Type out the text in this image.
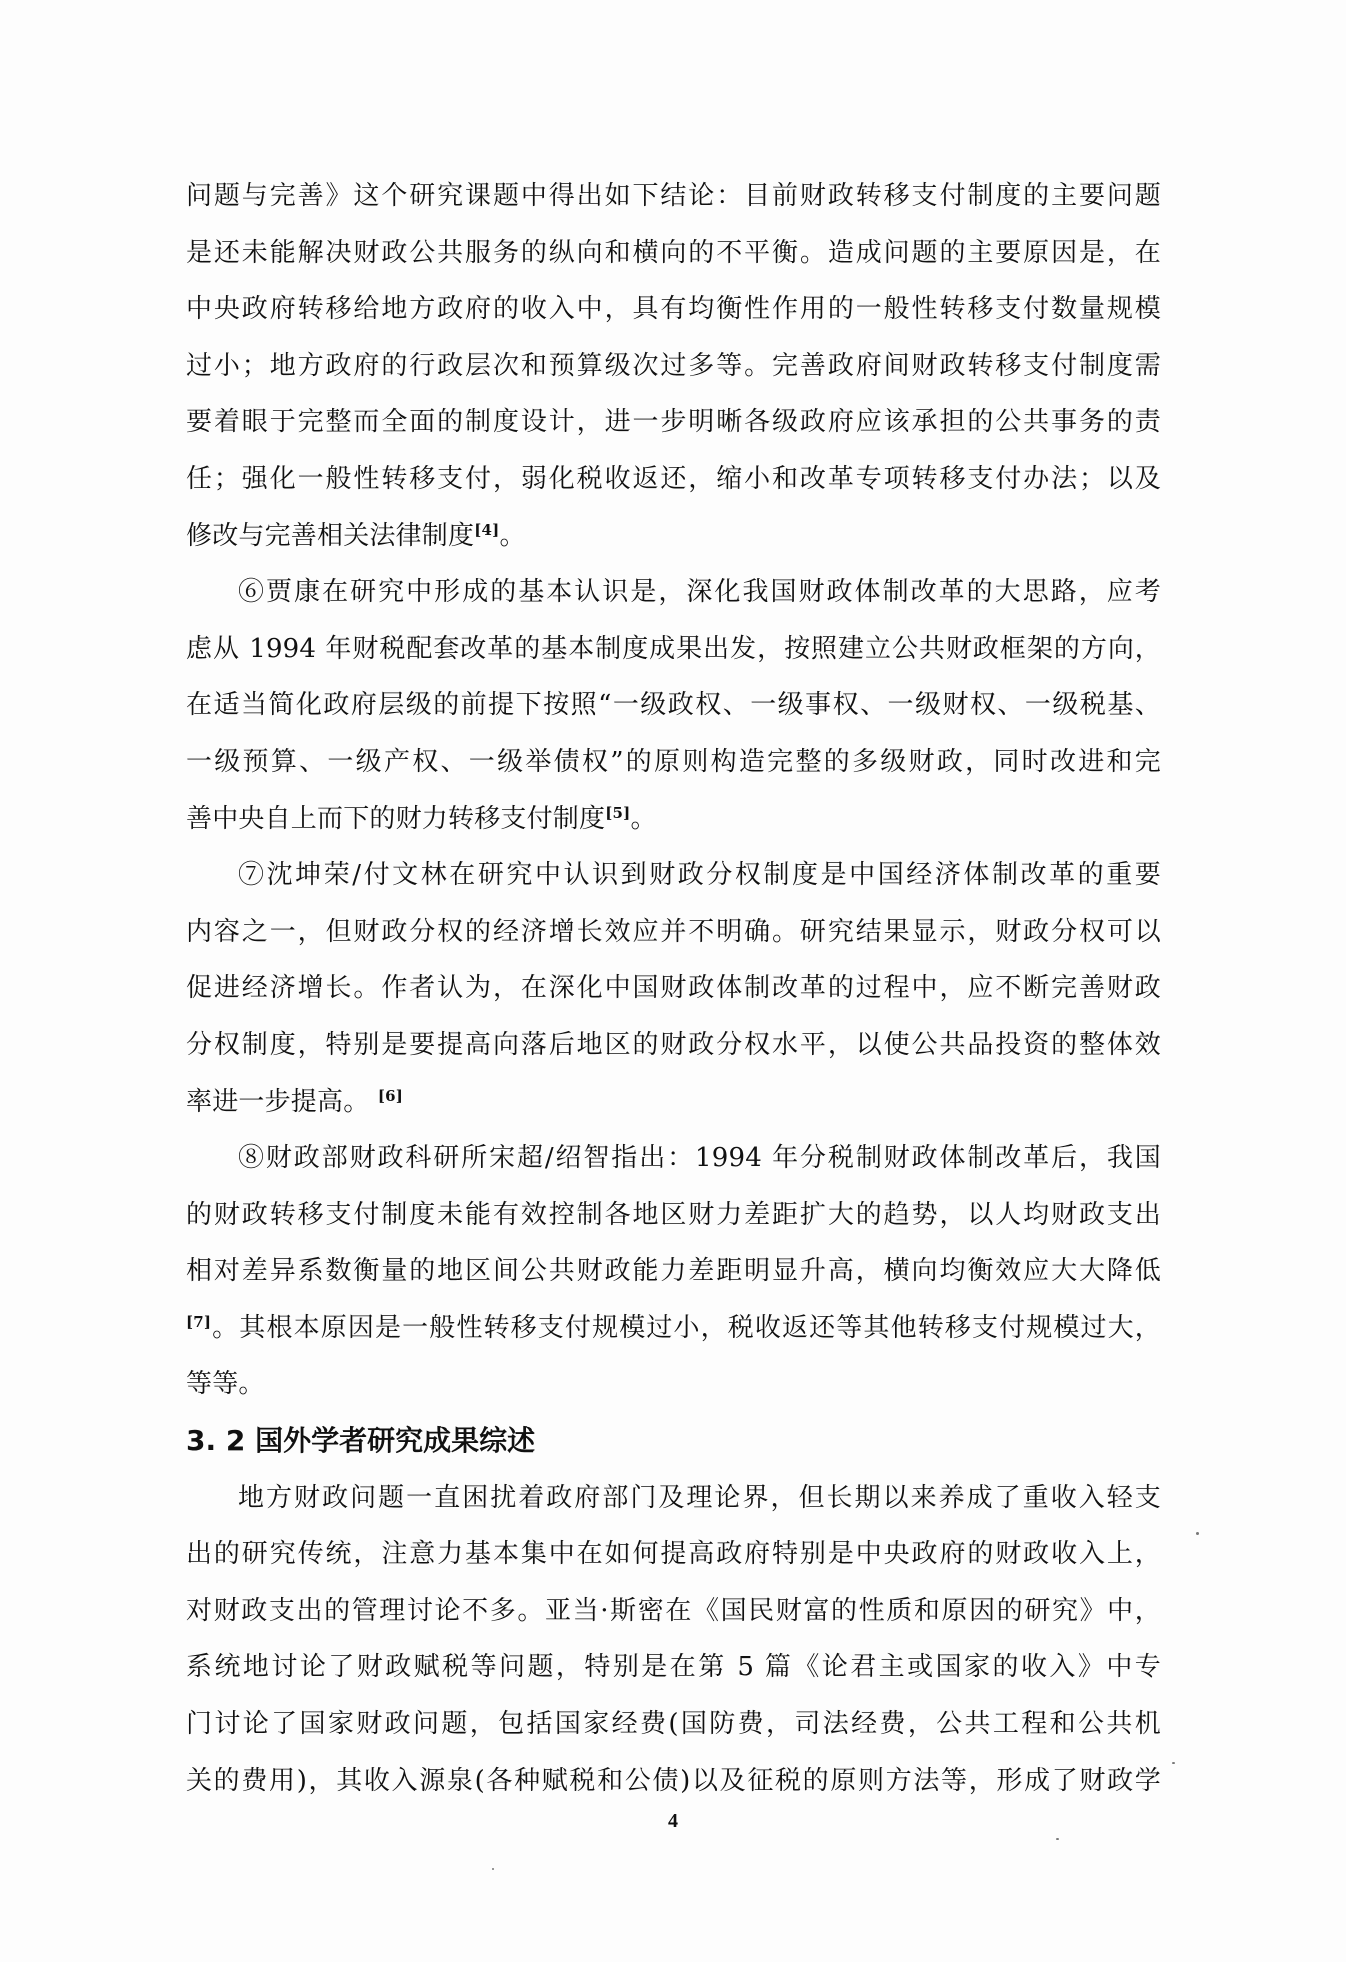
问题与完善》这个研究课题中得出如下结论：目前财政转移支付制度的主要问题
是还未能解决财政公共服务的纵向和横向的不平衡。造成问题的主要原因是，在
中央政府转移给地方政府的收入中，具有均衡性作用的一般性转移支付数量规模
过小；地方政府的行政层次和预算级次过多等。完善政府间财政转移支付制度需
要着眼于完整而全面的制度设计，进一步明晰各级政府应该承担的公共事务的责
任；强化一般性转移支付，弱化税收返还，缩小和改革专项转移支付办法；以及
修改与完善相关法律制度[4]。
⑥贾康在研究中形成的基本认识是，深化我国财政体制改革的大思路，应考
虑从 1994 年财税配套改革的基本制度成果出发，按照建立公共财政框架的方向，
在适当简化政府层级的前提下按照“一级政权、一级事权、一级财权、一级税基、
一级预算、一级产权、一级举债权”的原则构造完整的多级财政，同时改进和完
善中央自上而下的财力转移支付制度[5]。
⑦沈坤荣/付文林在研究中认识到财政分权制度是中国经济体制改革的重要
内容之一，但财政分权的经济增长效应并不明确。研究结果显示，财政分权可以
促进经济增长。作者认为，在深化中国财政体制改革的过程中，应不断完善财政
分权制度，特别是要提高向落后地区的财政分权水平，以使公共品投资的整体效
率进一步提高。 [6]
⑧财政部财政科研所宋超/绍智指出：1994 年分税制财政体制改革后，我国
的财政转移支付制度未能有效控制各地区财力差距扩大的趋势，以人均财政支出
相对差异系数衡量的地区间公共财政能力差距明显升高，横向均衡效应大大降低
[7]。其根本原因是一般性转移支付规模过小，税收返还等其他转移支付规模过大，
等等。
3. 2 国外学者研究成果综述
地方财政问题一直困扰着政府部门及理论界，但长期以来养成了重收入轻支
出的研究传统，注意力基本集中在如何提高政府特别是中央政府的财政收入上，
对财政支出的管理讨论不多。亚当·斯密在《国民财富的性质和原因的研究》中，
系统地讨论了财政赋税等问题，特别是在第 5 篇《论君主或国家的收入》中专
门讨论了国家财政问题，包括国家经费(国防费，司法经费，公共工程和公共机
关的费用)，其收入源泉(各种赋税和公债)以及征税的原则方法等，形成了财政学
4
